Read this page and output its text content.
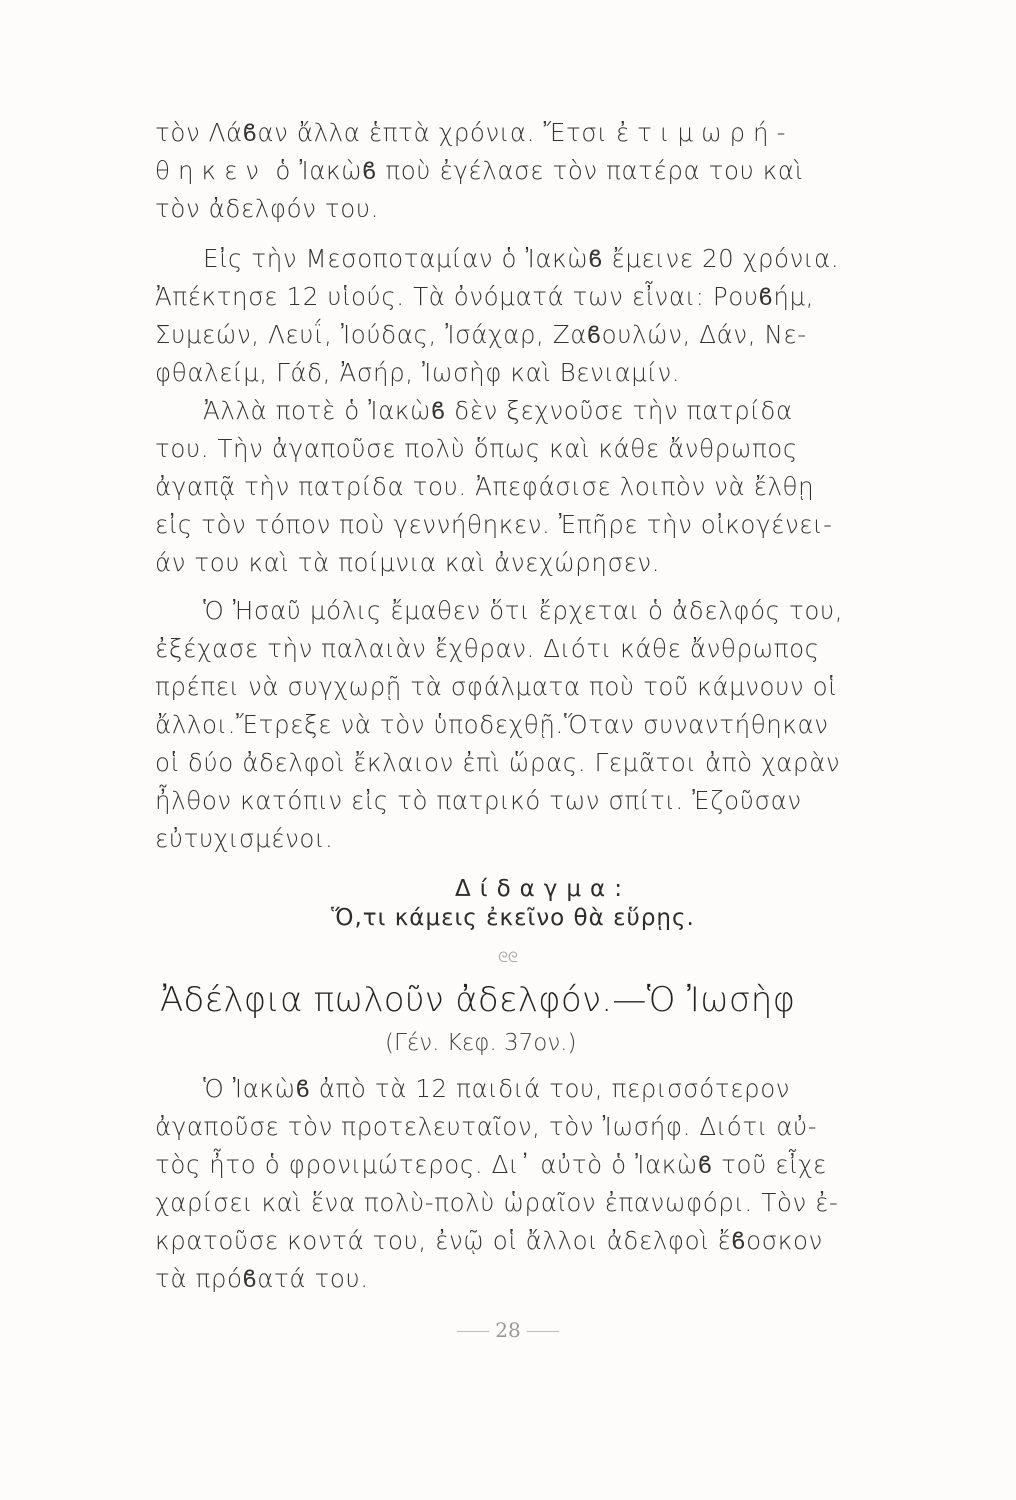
τὸν Λάϐαν ἄλλα ἑπτὰ χρόνια. Ἔτσι ἐτιμωρή-
θηκεν ὁ Ἰακὼϐ ποὺ ἐγέλασε τὸν πατέρα του καὶ
τὸν ἀδελφόν του.
Εἰς τὴν Μεσοποταμίαν ὁ Ἰακὼϐ ἔμεινε 20 χρόνια.
Ἀπέκτησε 12 υἱούς. Τὰ ὀνόματά των εἶναι: Ρουϐήμ,
Συμεών, Λευΐ, Ἰούδας, Ἰσάχαρ, Ζαϐουλών, Δάν, Νε-
φθαλείμ, Γάδ, Ἀσήρ, Ἰωσὴφ καὶ Βενιαμίν.
Ἀλλὰ ποτὲ ὁ Ἰακὼϐ δὲν ξεχνοῦσε τὴν πατρίδα
του. Τὴν ἀγαποῦσε πολὺ ὅπως καὶ κάθε ἄνθρωπος
ἀγαπᾷ τὴν πατρίδα του. Ἀπεφάσισε λοιπὸν νὰ ἔλθῃ
εἰς τὸν τόπον ποὺ γεννήθηκεν. Ἐπῆρε τὴν οἰκογένει-
άν του καὶ τὰ ποίμνια καὶ ἀνεχώρησεν.
Ὁ Ἠσαῦ μόλις ἔμαθεν ὅτι ἔρχεται ὁ ἀδελφός του,
ἐξέχασε τὴν παλαιὰν ἔχθραν. Διότι κάθε ἄνθρωπος
πρέπει νὰ συγχωρῇ τὰ σφάλματα ποὺ τοῦ κάμνουν οἱ
ἄλλοι.Ἔτρεξε νὰ τὸν ὑποδεχθῇ.Ὅταν συναντήθηκαν
οἱ δύο ἀδελφοὶ ἔκλαιον ἐπὶ ὥρας. Γεμᾶτοι ἀπὸ χαρὰν
ἦλθον κατόπιν εἰς τὸ πατρικό των σπίτι. Ἐζοῦσαν
εὐτυχισμένοι.
Δίδαγμα:
Ὅ,τι κάμεις ἐκεῖνο θὰ εὕρῃς.
ᘓᘓ
Ἀδέλφια πωλοῦν ἀδελφόν.—Ὁ Ἰωσὴφ
(Γέν. Κεφ. 37ον.)
Ὁ Ἰακὼϐ ἀπὸ τὰ 12 παιδιά του, περισσότερον
ἀγαποῦσε τὸν προτελευταῖον, τὸν Ἰωσήφ. Διότι αὐ-
τὸς ἦτο ὁ φρονιμώτερος. Δι᾽ αὐτὸ ὁ Ἰακὼϐ τοῦ εἶχε
χαρίσει καὶ ἕνα πολὺ-πολὺ ὡραῖον ἐπανωφόρι. Τὸν ἐ-
κρατοῦσε κοντά του, ἐνῷ οἱ ἄλλοι ἀδελφοὶ ἔϐοσκον
τὰ πρόϐατά του.
28
